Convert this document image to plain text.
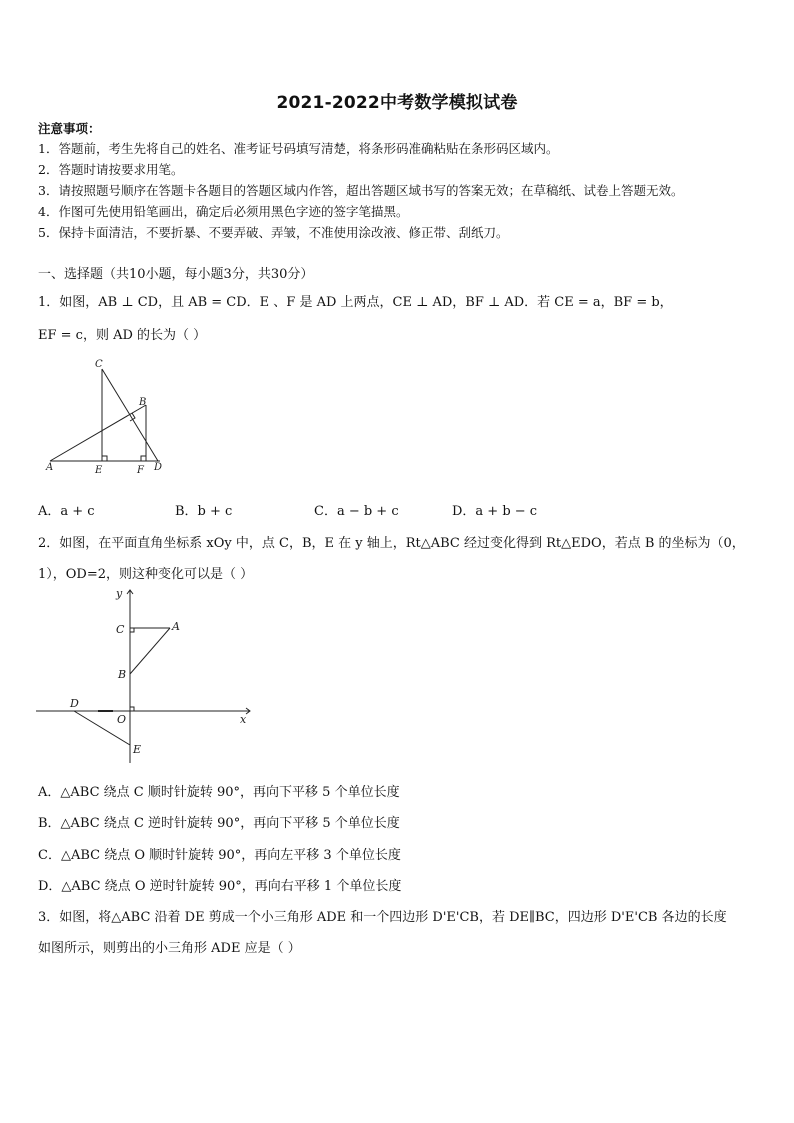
2021-2022中考数学模拟试卷
注意事项：
1．答题前，考生先将自己的姓名、准考证号码填写清楚，将条形码准确粘贴在条形码区域内。
2．答题时请按要求用笔。
3．请按照题号顺序在答题卡各题目的答题区域内作答，超出答题区域书写的答案无效；在草稿纸、试卷上答题无效。
4．作图可先使用铅笔画出，确定后必须用黑色字迹的签字笔描黑。
5．保持卡面清洁，不要折暴、不要弄破、弄皱，不准使用涂改液、修正带、刮纸刀。
一、选择题（共10小题，每小题3分，共30分）
1．如图，AB ⊥ CD，且 AB = CD．E 、F 是 AD 上两点，CE ⊥ AD，BF ⊥ AD．若 CE = a，BF = b，
EF = c，则 AD 的长为（ ）
C
B
A	E	F D
A．a + c	B．b + c	C．a − b + c	D．a + b − c
2．如图，在平面直角坐标系 xOy 中，点 C，B，E 在 y 轴上，Rt△ABC 经过变化得到 Rt△EDO，若点 B 的坐标为（0，
1），OD=2，则这种变化可以是（ ）
y
x
C	A
B
D
O
E
A．△ABC 绕点 C 顺时针旋转 90°，再向下平移 5 个单位长度
B．△ABC 绕点 C 逆时针旋转 90°，再向下平移 5 个单位长度
C．△ABC 绕点 O 顺时针旋转 90°，再向左平移 3 个单位长度
D．△ABC 绕点 O 逆时针旋转 90°，再向右平移 1 个单位长度
3．如图，将△ABC 沿着 DE 剪成一个小三角形 ADE 和一个四边形 D'E'CB，若 DE∥BC，四边形 D'E'CB 各边的长度
如图所示，则剪出的小三角形 ADE 应是（ ）
